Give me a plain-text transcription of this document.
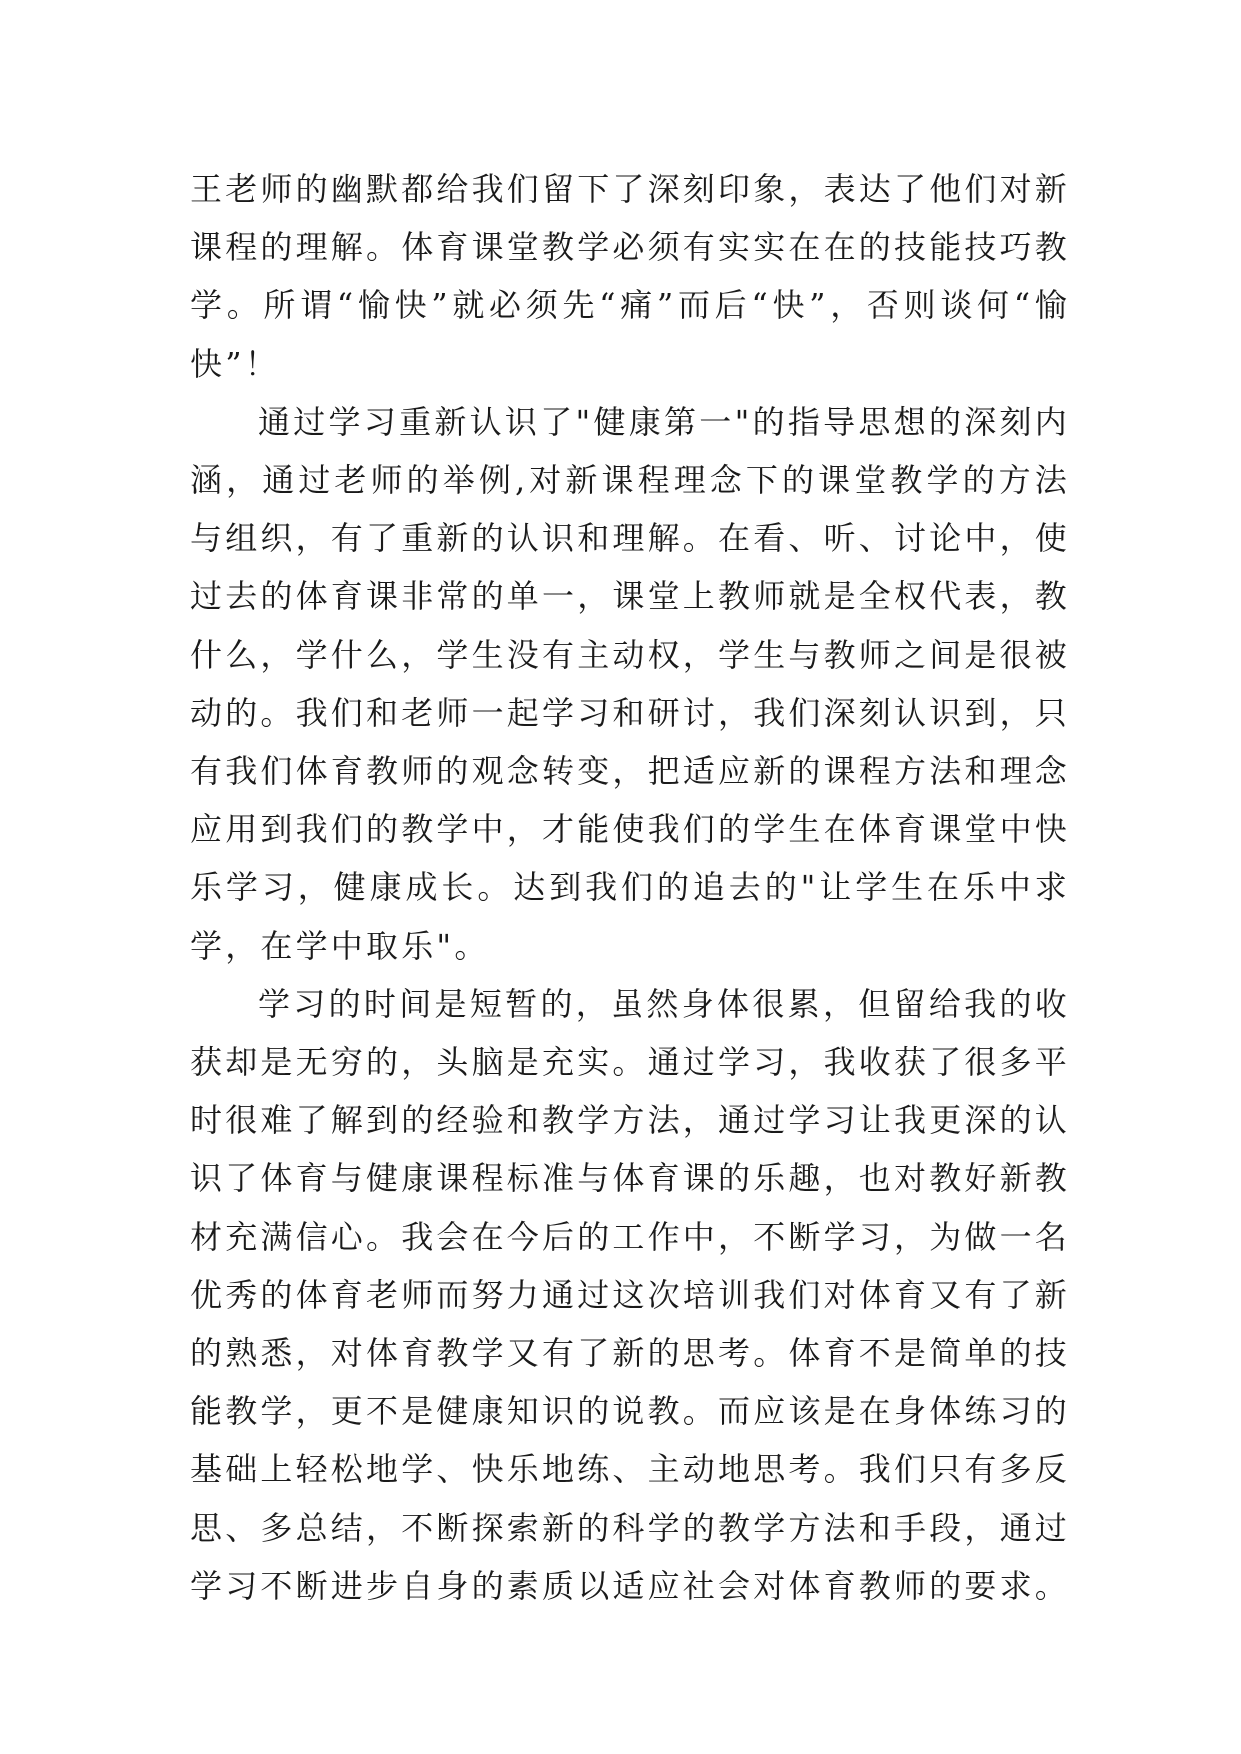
王老师的幽默都给我们留下了深刻印象，表达了他们对新课程的理解。体育课堂教学必须有实实在在的技能技巧教学。所谓“愉快”就必须先“痛”而后“快”，否则谈何“愉快”！

通过学习重新认识了"健康第一"的指导思想的深刻内涵，通过老师的举例,对新课程理念下的课堂教学的方法与组织，有了重新的认识和理解。在看、听、讨论中，使过去的体育课非常的单一，课堂上教师就是全权代表，教什么，学什么，学生没有主动权，学生与教师之间是很被动的。我们和老师一起学习和研讨，我们深刻认识到，只有我们体育教师的观念转变，把适应新的课程方法和理念应用到我们的教学中，才能使我们的学生在体育课堂中快乐学习，健康成长。达到我们的追去的"让学生在乐中求学，在学中取乐"。

学习的时间是短暂的，虽然身体很累，但留给我的收获却是无穷的，头脑是充实。通过学习，我收获了很多平时很难了解到的经验和教学方法，通过学习让我更深的认识了体育与健康课程标准与体育课的乐趣，也对教好新教材充满信心。我会在今后的工作中，不断学习，为做一名优秀的体育老师而努力通过这次培训我们对体育又有了新的熟悉，对体育教学又有了新的思考。体育不是简单的技能教学，更不是健康知识的说教。而应该是在身体练习的基础上轻松地学、快乐地练、主动地思考。我们只有多反思、多总结，不断探索新的科学的教学方法和手段，通过学习不断进步自身的素质以适应社会对体育教师的要求。
